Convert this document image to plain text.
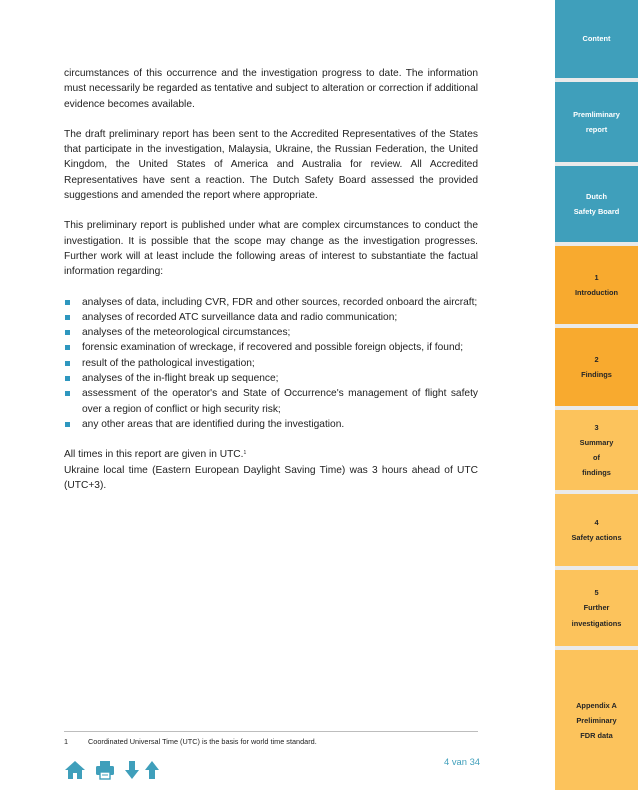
circumstances of this occurrence and the investigation progress to date. The information must necessarily be regarded as tentative and subject to alteration or correction if additional evidence becomes available.

The draft preliminary report has been sent to the Accredited Representatives of the States that participate in the investigation, Malaysia, Ukraine, the Russian Federation, the United Kingdom, the United States of America and Australia for review. All Accredited Representatives have sent a reaction. The Dutch Safety Board assessed the provided suggestions and amended the report where appropriate.

This preliminary report is published under what are complex circumstances to conduct the investigation. It is possible that the scope may change as the investigation progresses. Further work will at least include the following areas of interest to substantiate the factual information regarding:

analyses of data, including CVR, FDR and other sources, recorded onboard the aircraft;
analyses of recorded ATC surveillance data and radio communication;
analyses of the meteorological circumstances;
forensic examination of wreckage, if recovered and possible foreign objects, if found;
result of the pathological investigation;
analyses of the in-flight break up sequence;
assessment of the operator's and State of Occurrence's management of flight safety over a region of conflict or high security risk;
any other areas that are identified during the investigation.

All times in this report are given in UTC.$^1$

Ukraine local time (Eastern European Daylight Saving Time) was 3 hours ahead of UTC (UTC+3).

Content
Premliminary
report
Dutch
Safety Board
1
Introduction
2
Findings
3
Summary
of
findings
4
Safety actions
5
Further
investigations
Appendix A
Preliminary
FDR data
1	Coordinated Universal Time (UTC) is the basis for world time standard.
4 van 34
